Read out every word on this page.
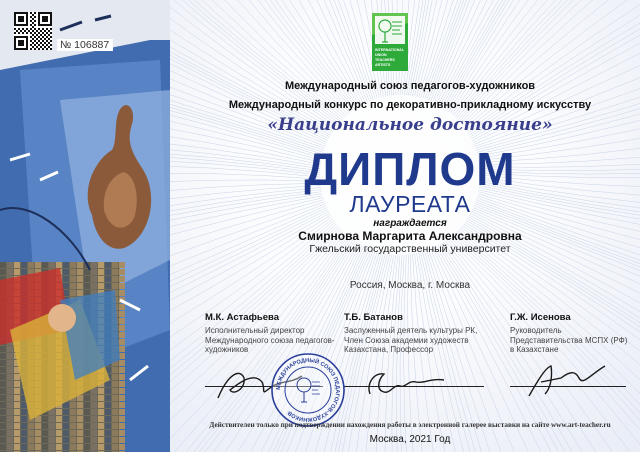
№ 106887	INTERNATIONAL
UNION
TEACHERS
ARTISTS
Международный союз педагогов-художников
Международный конкурс по декоративно-прикладному искусству
«Национальное достояние»
ДИПЛОМ
ЛАУРЕАТА
награждается
Смирнова Маргарита Александровна
Гжельский государственный университет
Россия, Москва, г. Москва
М.К. Астафьева
Исполнительный директор Международного союза педагогов-художников
Т.Б. Батанов
Заслуженный деятель культуры РК, Член Союза академии художеств Казахстана, Профессор
Г.Ж. Исенова
Руководитель Представительства МСПХ (РФ) в Казахстане
МЕЖДУНАРОДНЫЙ СОЮЗ ПЕДАГОГОВ-ХУДОЖНИКОВ
Действителен только при подтверждении нахождения работы в электронной галерее выставки на сайте www.art-teacher.ru
Москва, 2021 Год
